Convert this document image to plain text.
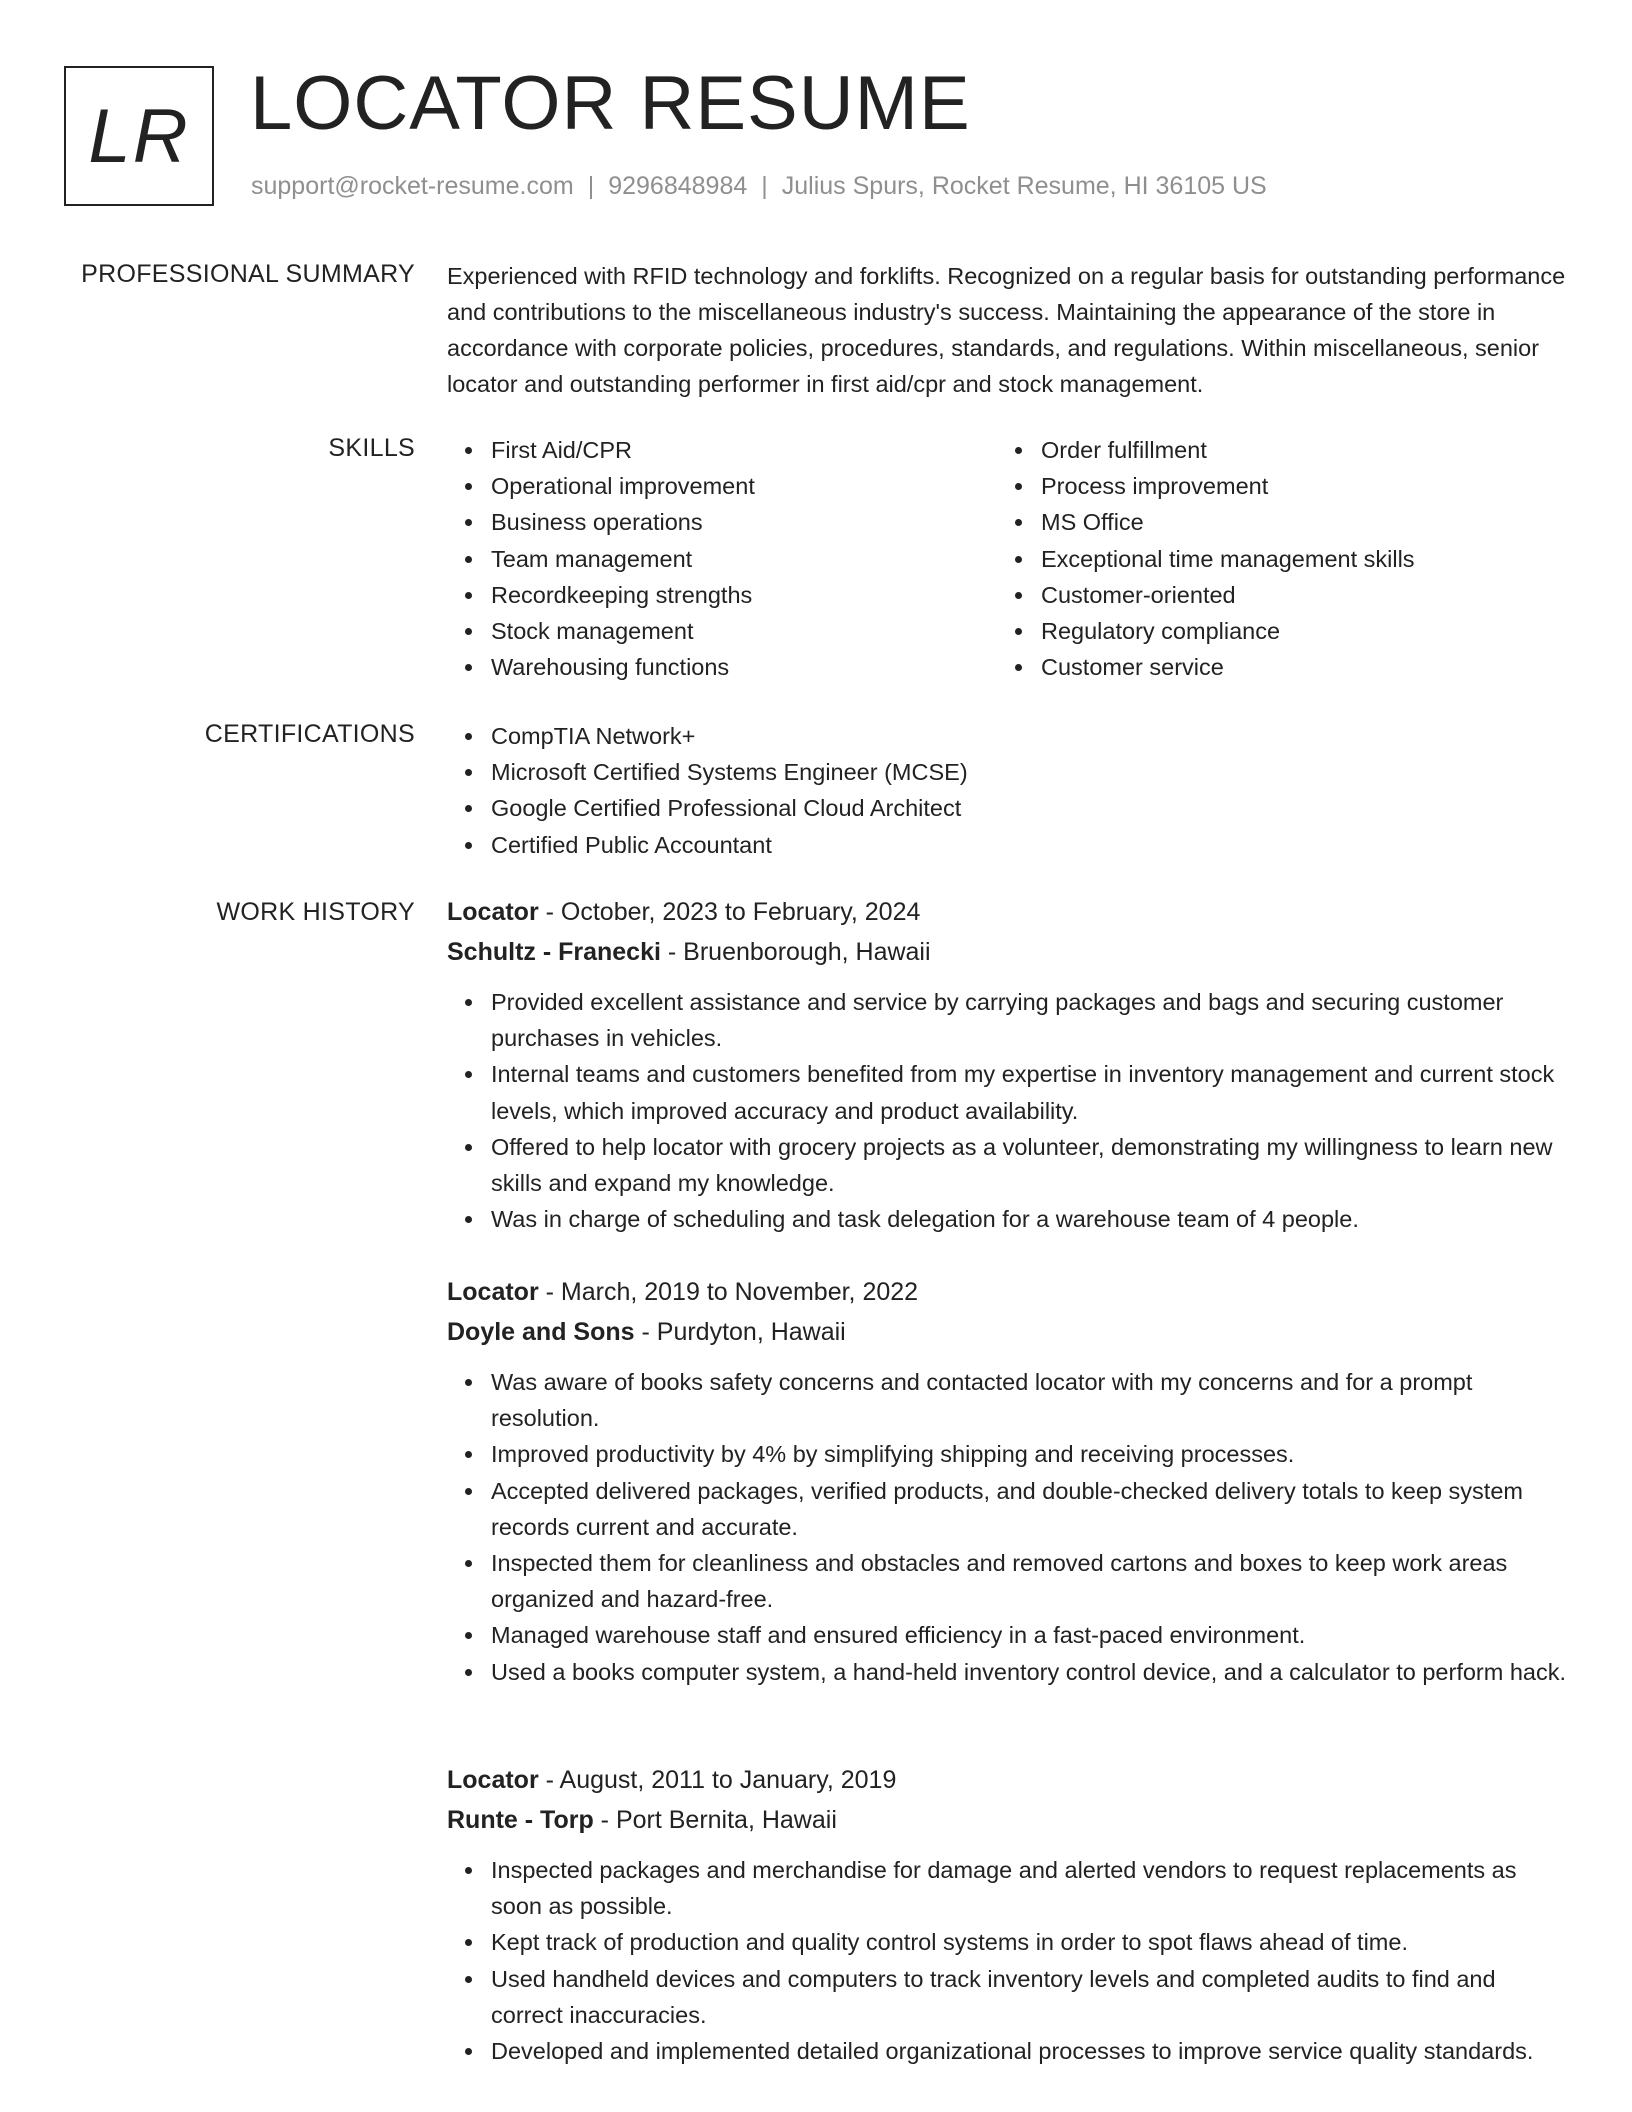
LR LOCATOR RESUME
support@rocket-resume.com | 9296848984 | Julius Spurs, Rocket Resume, HI 36105 US
PROFESSIONAL SUMMARY Experienced with RFID technology and forklifts. Recognized on a regular basis for outstanding performance and contributions to the miscellaneous industry's success. Maintaining the appearance of the store in accordance with corporate policies, procedures, standards, and regulations. Within miscellaneous, senior locator and outstanding performer in first aid/cpr and stock management.

SKILLS	First Aid/CPR
Operational improvement
Business operations
Team management
Recordkeeping strengths
Stock management
Warehousing functions
Order fulfillment
Process improvement
MS Office
Exceptional time management skills
Customer-oriented
Regulatory compliance
Customer service
CERTIFICATIONS	CompTIA Network+
Microsoft Certified Systems Engineer (MCSE)
Google Certified Professional Cloud Architect
Certified Public Accountant
WORK HISTORY Locator - October, 2023 to February, 2024
Schultz - Franecki - Bruenborough, Hawaii
Provided excellent assistance and service by carrying packages and bags and securing customer purchases in vehicles.
Internal teams and customers benefited from my expertise in inventory management and current stock levels, which improved accuracy and product availability.
Offered to help locator with grocery projects as a volunteer, demonstrating my willingness to learn new skills and expand my knowledge.
Was in charge of scheduling and task delegation for a warehouse team of 4 people.
Locator - March, 2019 to November, 2022
Doyle and Sons - Purdyton, Hawaii
Was aware of books safety concerns and contacted locator with my concerns and for a prompt resolution.
Improved productivity by 4% by simplifying shipping and receiving processes.
Accepted delivered packages, verified products, and double-checked delivery totals to keep system records current and accurate.
Inspected them for cleanliness and obstacles and removed cartons and boxes to keep work areas organized and hazard-free.
Managed warehouse staff and ensured efficiency in a fast-paced environment.
Used a books computer system, a hand-held inventory control device, and a calculator to perform hack.
Locator - August, 2011 to January, 2019
Runte - Torp - Port Bernita, Hawaii
Inspected packages and merchandise for damage and alerted vendors to request replacements as soon as possible.
Kept track of production and quality control systems in order to spot flaws ahead of time.
Used handheld devices and computers to track inventory levels and completed audits to find and correct inaccuracies.
Developed and implemented detailed organizational processes to improve service quality standards.
